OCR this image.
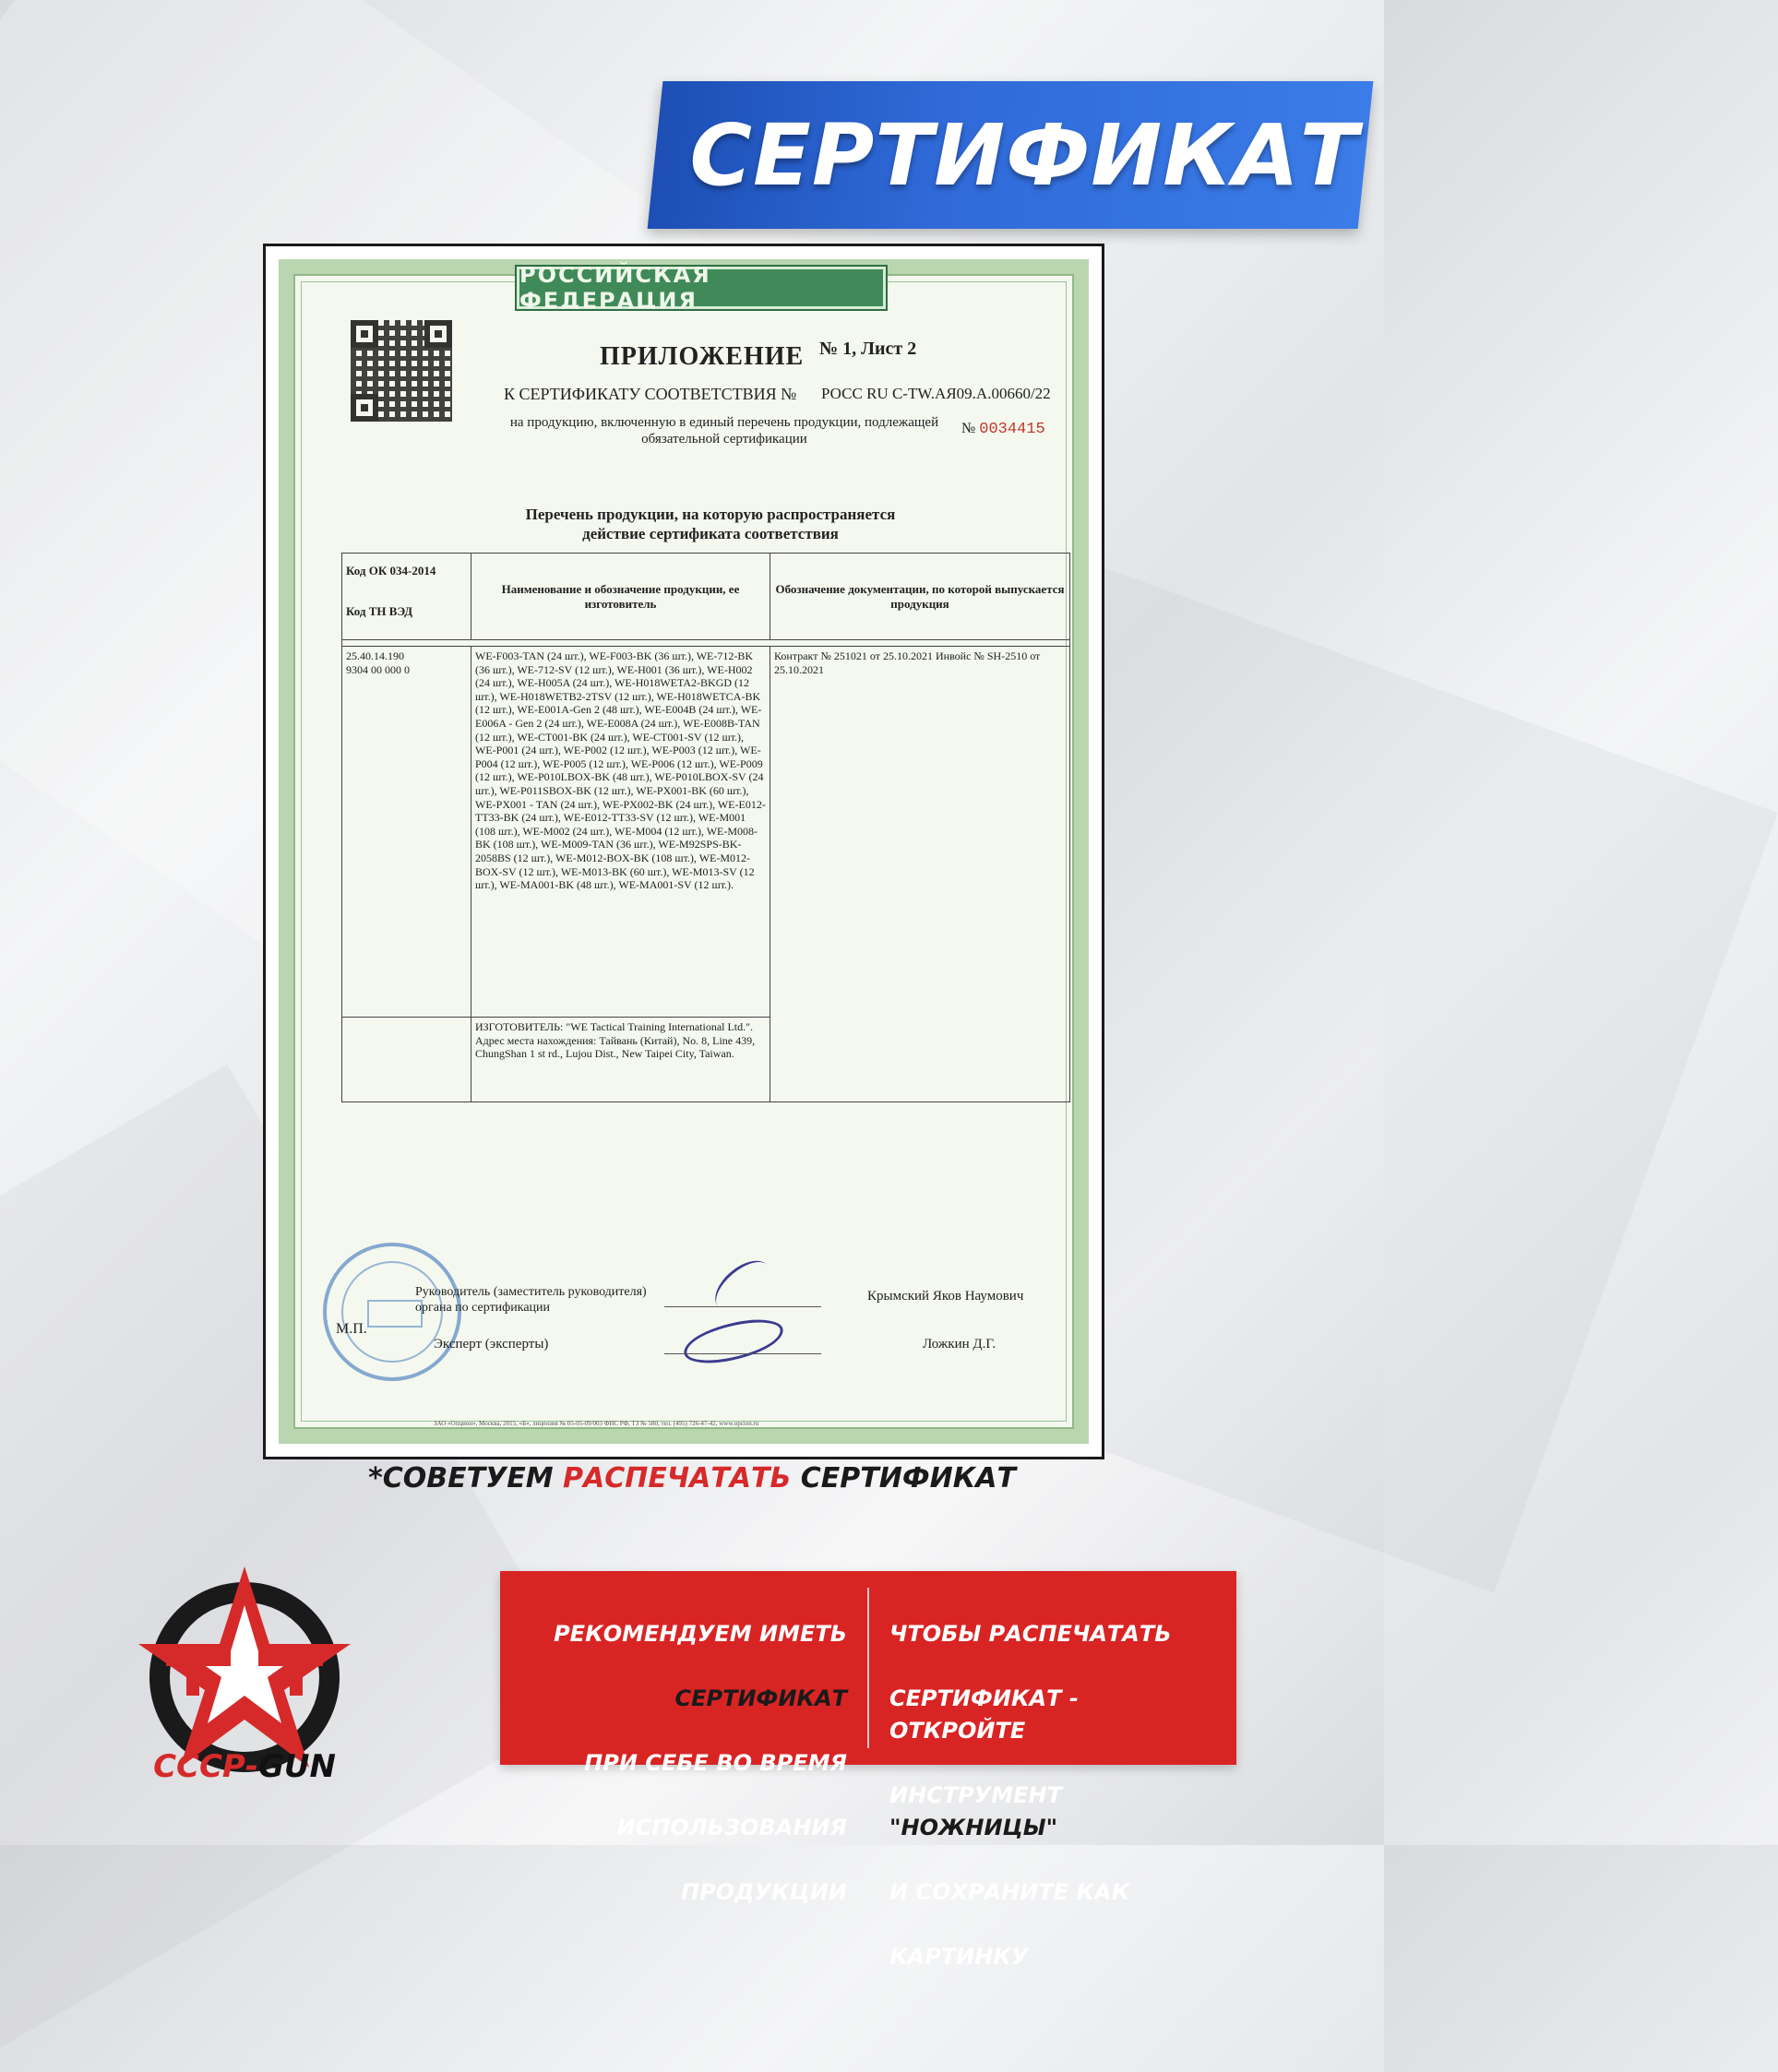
СЕРТИФИКАТ
РОССИЙСКАЯ ФЕДЕРАЦИЯ
ПРИЛОЖЕНИЕ № 1, Лист 2
К СЕРТИФИКАТУ СООТВЕТСТВИЯ № РОСС RU C-TW.АЯ09.А.00660/22
на продукцию, включенную в единый перечень продукции, подлежащей обязательной сертификации
№ 0034415
Перечень продукции, на которую распространяется действие сертификата соответствия
Код ОК 034-2014
Код ТН ВЭД	Наименование и обозначение продукции, ее изготовитель	Обозначение документации, по которой выпускается продукция

25.40.14.190
9304 00 000 0	WE-F003-TAN (24 шт.), WE-F003-BK (36 шт.), WE-712-BK (36 шт.), WE-712-SV (12 шт.), WE-H001 (36 шт.), WE-H002 (24 шт.), WE-H005A (24 шт.), WE-H018WETA2-BKGD (12 шт.), WE-H018WETB2-2TSV (12 шт.), WE-H018WETCA-BK (12 шт.), WE-E001A-Gen 2 (48 шт.), WE-E004B (24 шт.), WE-E006A - Gen 2 (24 шт.), WE-E008A (24 шт.), WE-E008B-TAN (12 шт.), WE-CT001-BK (24 шт.), WE-CT001-SV (12 шт.), WE-P001 (24 шт.), WE-P002 (12 шт.), WE-P003 (12 шт.), WE-P004 (12 шт.), WE-P005 (12 шт.), WE-P006 (12 шт.), WE-P009 (12 шт.), WE-P010LBOX-BK (48 шт.), WE-P010LBOX-SV (24 шт.), WE-P011SBOX-BK (12 шт.), WE-PX001-BK (60 шт.), WE-PX001 - TAN (24 шт.), WE-PX002-BK (24 шт.), WE-E012-TT33-BK (24 шт.), WE-E012-TT33-SV (12 шт.), WE-M001 (108 шт.), WE-M002 (24 шт.), WE-M004 (12 шт.), WE-M008-BK (108 шт.), WE-M009-TAN (36 шт.), WE-M92SPS-BK-2058BS (12 шт.), WE-M012-BOX-BK (108 шт.), WE-M012-BOX-SV (12 шт.), WE-M013-BK (60 шт.), WE-M013-SV (12 шт.), WE-MA001-BK (48 шт.), WE-MA001-SV (12 шт.).	Контракт № 251021 от 25.10.2021 Инвойс № SH-2510 от 25.10.2021
	ИЗГОТОВИТЕЛЬ: "WE Tactical Training International Ltd.". Адрес места нахождения: Тайвань (Китай), No. 8, Line 439, ChungShan 1 st rd., Lujou Dist., New Taipei City, Taiwan.	
М.П.
Руководитель (заместитель руководителя) органа по сертификации
Эксперт (эксперты)
Крымский Яков Наумович
Ложкин Д.Г.
ЗАО «Опцион», Москва, 2015, «Б», лицензия № 05-05-09/003 ФНС РФ, ТЗ № 580, тел. (495) 726-47-42, www.opcion.ru
*СОВЕТУЕМ РАСПЕЧАТАТЬ СЕРТИФИКАТ
СССР-GUN

РЕКОМЕНДУЕМ ИМЕТЬ

СЕРТИФИКАТ

ПРИ СЕБЕ ВО ВРЕМЯ

ИСПОЛЬЗОВАНИЯ

ПРОДУКЦИИ

ЧТОБЫ РАСПЕЧАТАТЬ

СЕРТИФИКАТ - ОТКРОЙТЕ

ИНСТРУМЕНТ "НОЖНИЦЫ"

И СОХРАНИТЕ КАК

КАРТИНКУ
